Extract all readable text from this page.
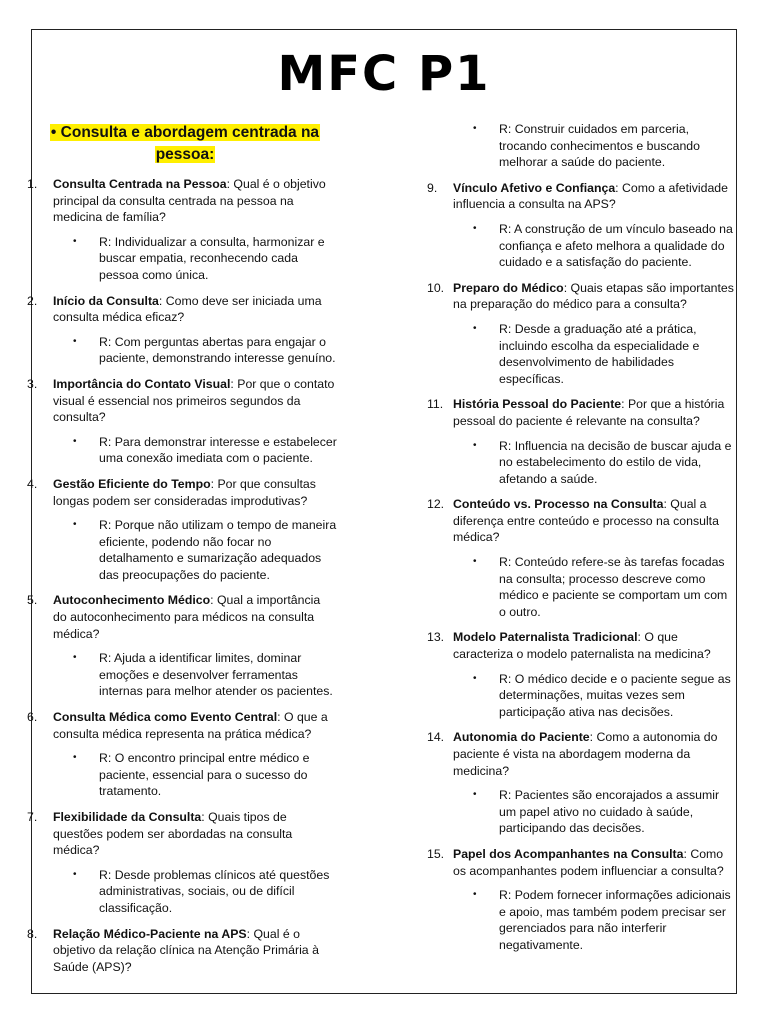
MFC P1
• Consulta e abordagem centrada na pessoa:
1.	Consulta Centrada na Pessoa: Qual é o objetivo principal da consulta centrada na pessoa na medicina de família?
•	R: Individualizar a consulta, harmonizar e buscar empatia, reconhecendo cada pessoa como única.
2.	Início da Consulta: Como deve ser iniciada uma consulta médica eficaz?
•	R: Com perguntas abertas para engajar o paciente, demonstrando interesse genuíno.
3.	Importância do Contato Visual: Por que o contato visual é essencial nos primeiros segundos da consulta?
•	R: Para demonstrar interesse e estabelecer uma conexão imediata com o paciente.
4.	Gestão Eficiente do Tempo: Por que consultas longas podem ser consideradas improdutivas?
•	R: Porque não utilizam o tempo de maneira eficiente, podendo não focar no detalhamento e sumarização adequados das preocupações do paciente.
5.	Autoconhecimento Médico: Qual a importância do autoconhecimento para médicos na consulta médica?
•	R: Ajuda a identificar limites, dominar emoções e desenvolver ferramentas internas para melhor atender os pacientes.
6.	Consulta Médica como Evento Central: O que a consulta médica representa na prática médica?
•	R: O encontro principal entre médico e paciente, essencial para o sucesso do tratamento.
7.	Flexibilidade da Consulta: Quais tipos de questões podem ser abordadas na consulta médica?
•	R: Desde problemas clínicos até questões administrativas, sociais, ou de difícil classificação.
8.	Relação Médico-Paciente na APS: Qual é o objetivo da relação clínica na Atenção Primária à Saúde (APS)?
•	R: Construir cuidados em parceria, trocando conhecimentos e buscando melhorar a saúde do paciente.
9.	Vínculo Afetivo e Confiança: Como a afetividade influencia a consulta na APS?
•	R: A construção de um vínculo baseado na confiança e afeto melhora a qualidade do cuidado e a satisfação do paciente.
10. Preparo do Médico: Quais etapas são importantes na preparação do médico para a consulta?
•	R: Desde a graduação até a prática, incluindo escolha da especialidade e desenvolvimento de habilidades específicas.
11. História Pessoal do Paciente: Por que a história pessoal do paciente é relevante na consulta?
•	R: Influencia na decisão de buscar ajuda e no estabelecimento do estilo de vida, afetando a saúde.
12. Conteúdo vs. Processo na Consulta: Qual a diferença entre conteúdo e processo na consulta médica?
•	R: Conteúdo refere-se às tarefas focadas na consulta; processo descreve como médico e paciente se comportam um com o outro.
13. Modelo Paternalista Tradicional: O que caracteriza o modelo paternalista na medicina?
•	R: O médico decide e o paciente segue as determinações, muitas vezes sem participação ativa nas decisões.
14. Autonomia do Paciente: Como a autonomia do paciente é vista na abordagem moderna da medicina?
•	R: Pacientes são encorajados a assumir um papel ativo no cuidado à saúde, participando das decisões.
15. Papel dos Acompanhantes na Consulta: Como os acompanhantes podem influenciar a consulta?
•	R: Podem fornecer informações adicionais e apoio, mas também podem precisar ser gerenciados para não interferir negativamente.
